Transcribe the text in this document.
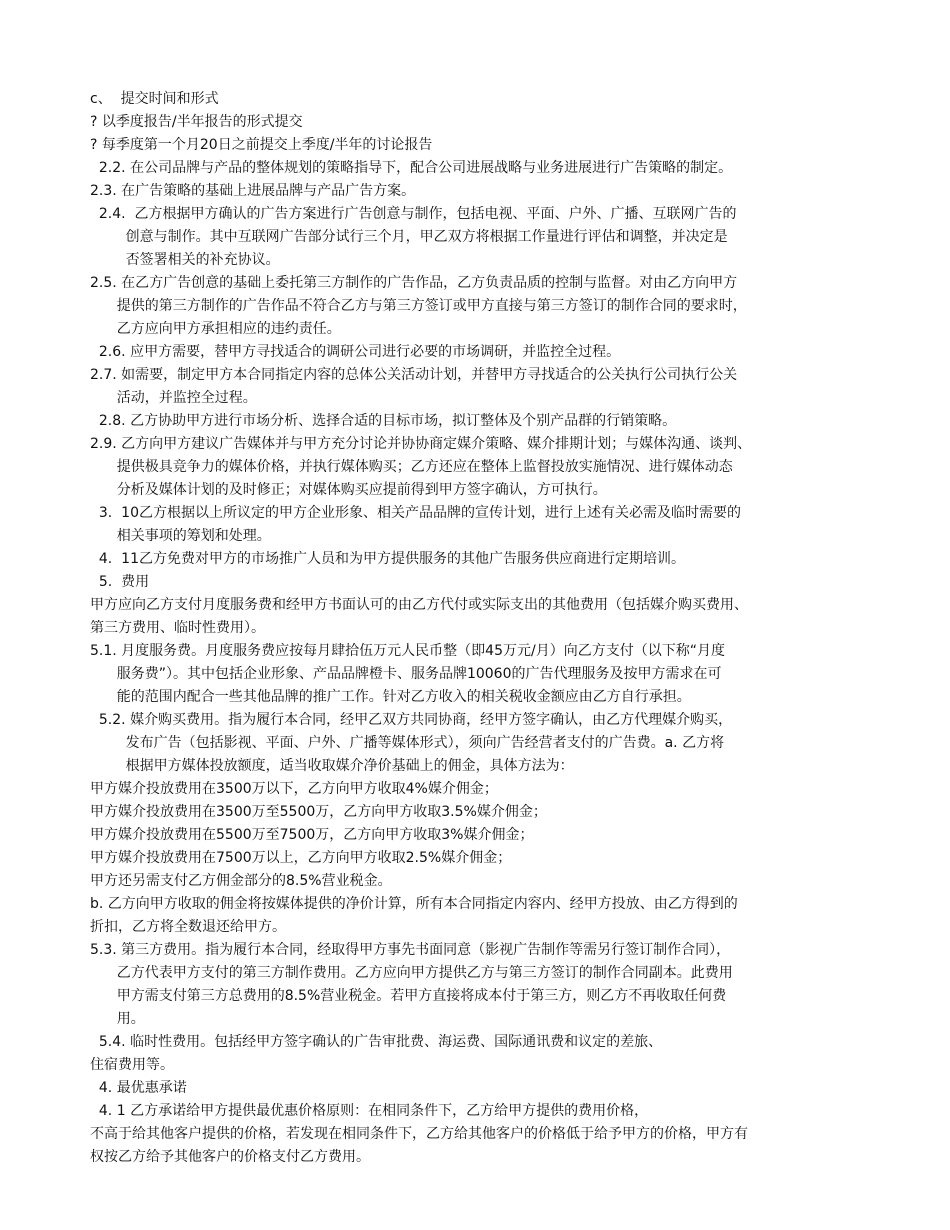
c、  提交时间和形式
? 以季度报告/半年报告的形式提交
? 每季度第一个月20日之前提交上季度/半年的讨论报告
2.2. 在公司品牌与产品的整体规划的策略指导下，配合公司进展战略与业务进展进行广告策略的制定。
2.3. 在广告策略的基础上进展品牌与产品广告方案。
2.4.  乙方根据甲方确认的广告方案进行广告创意与制作，包括电视、平面、户外、广播、互联网广告的
创意与制作。其中互联网广告部分试行三个月，甲乙双方将根据工作量进行评估和调整，并决定是
否签署相关的补充协议。
2.5. 在乙方广告创意的基础上委托第三方制作的广告作品，乙方负责品质的控制与监督。对由乙方向甲方
提供的第三方制作的广告作品不符合乙方与第三方签订或甲方直接与第三方签订的制作合同的要求时，
乙方应向甲方承担相应的违约责任。
2.6. 应甲方需要，替甲方寻找适合的调研公司进行必要的市场调研，并监控全过程。
2.7. 如需要，制定甲方本合同指定内容的总体公关活动计划，并替甲方寻找适合的公关执行公司执行公关
活动，并监控全过程。
2.8. 乙方协助甲方进行市场分析、选择合适的目标市场，拟订整体及个别产品群的行销策略。
2.9. 乙方向甲方建议广告媒体并与甲方充分讨论并协协商定媒介策略、媒介排期计划；与媒体沟通、谈判、
提供极具竞争力的媒体价格，并执行媒体购买；乙方还应在整体上监督投放实施情况、进行媒体动态
分析及媒体计划的及时修正；对媒体购买应提前得到甲方签字确认，方可执行。
3.  10乙方根据以上所议定的甲方企业形象、相关产品品牌的宣传计划，进行上述有关必需及临时需要的
相关事项的筹划和处理。
4.  11乙方免费对甲方的市场推广人员和为甲方提供服务的其他广告服务供应商进行定期培训。
5.  费用
甲方应向乙方支付月度服务费和经甲方书面认可的由乙方代付或实际支出的其他费用（包括媒介购买费用、
第三方费用、临时性费用）。
5.1. 月度服务费。月度服务费应按每月肆拾伍万元人民币整（即45万元/月）向乙方支付（以下称“月度
服务费”）。其中包括企业形象、产品品牌橙卡、服务品牌10060的广告代理服务及按甲方需求在可
能的范围内配合一些其他品牌的推广工作。针对乙方收入的相关税收金额应由乙方自行承担。
5.2. 媒介购买费用。指为履行本合同，经甲乙双方共同协商，经甲方签字确认，由乙方代理媒介购买，
发布广告（包括影视、平面、户外、广播等媒体形式），须向广告经营者支付的广告费。a. 乙方将
根据甲方媒体投放额度，适当收取媒介净价基础上的佣金，具体方法为：
甲方媒介投放费用在3500万以下，乙方向甲方收取4%媒介佣金；
甲方媒介投放费用在3500万至5500万，乙方向甲方收取3.5%媒介佣金；
甲方媒介投放费用在5500万至7500万，乙方向甲方收取3%媒介佣金；
甲方媒介投放费用在7500万以上，乙方向甲方收取2.5%媒介佣金；
甲方还另需支付乙方佣金部分的8.5%营业税金。
b. 乙方向甲方收取的佣金将按媒体提供的净价计算，所有本合同指定内容内、经甲方投放、由乙方得到的
折扣，乙方将全数退还给甲方。
5.3. 第三方费用。指为履行本合同，经取得甲方事先书面同意（影视广告制作等需另行签订制作合同），
乙方代表甲方支付的第三方制作费用。乙方应向甲方提供乙方与第三方签订的制作合同副本。此费用
甲方需支付第三方总费用的8.5%营业税金。若甲方直接将成本付于第三方，则乙方不再收取任何费
用。
5.4. 临时性费用。包括经甲方签字确认的广告审批费、海运费、国际通讯费和议定的差旅、
住宿费用等。
4. 最优惠承诺
4. 1 乙方承诺给甲方提供最优惠价格原则：在相同条件下，乙方给甲方提供的费用价格，
不高于给其他客户提供的价格，若发现在相同条件下，乙方给其他客户的价格低于给予甲方的价格，甲方有
权按乙方给予其他客户的价格支付乙方费用。
